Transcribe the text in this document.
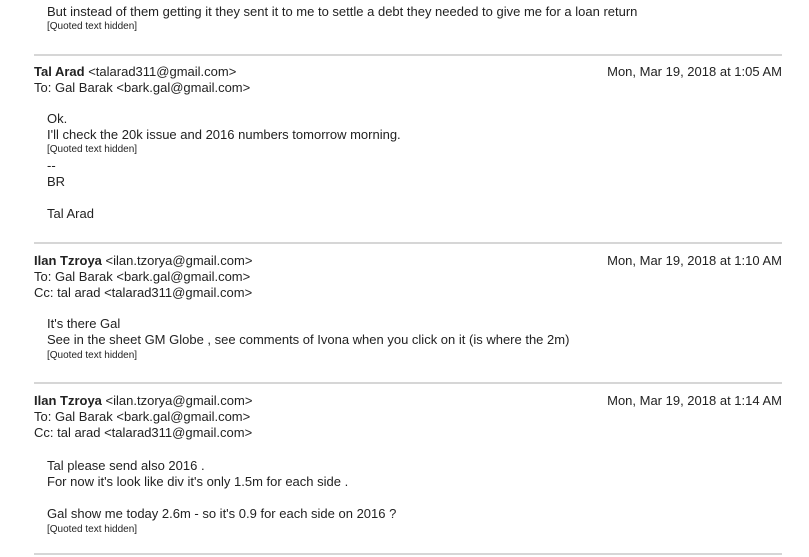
But instead of them getting it they sent it to me to settle a debt they needed to give me for a loan return
[Quoted text hidden]
Tal Arad <talarad311@gmail.com>	Mon, Mar 19, 2018 at 1:05 AM
To: Gal Barak <bark.gal@gmail.com>
Ok.
I'll check the 20k issue and 2016 numbers tomorrow morning.
[Quoted text hidden]
--
BR
Tal Arad
Ilan Tzroya <ilan.tzorya@gmail.com>	Mon, Mar 19, 2018 at 1:10 AM
To: Gal Barak <bark.gal@gmail.com>
Cc: tal arad <talarad311@gmail.com>
It's there Gal
See in the sheet GM Globe , see comments of Ivona when you click on it (is where the 2m)
[Quoted text hidden]
Ilan Tzroya <ilan.tzorya@gmail.com>	Mon, Mar 19, 2018 at 1:14 AM
To: Gal Barak <bark.gal@gmail.com>
Cc: tal arad <talarad311@gmail.com>
Tal please send also 2016 .
For now it's look like div it's only 1.5m for each side .
Gal show me today 2.6m - so it's 0.9 for each side on 2016 ?
[Quoted text hidden]
